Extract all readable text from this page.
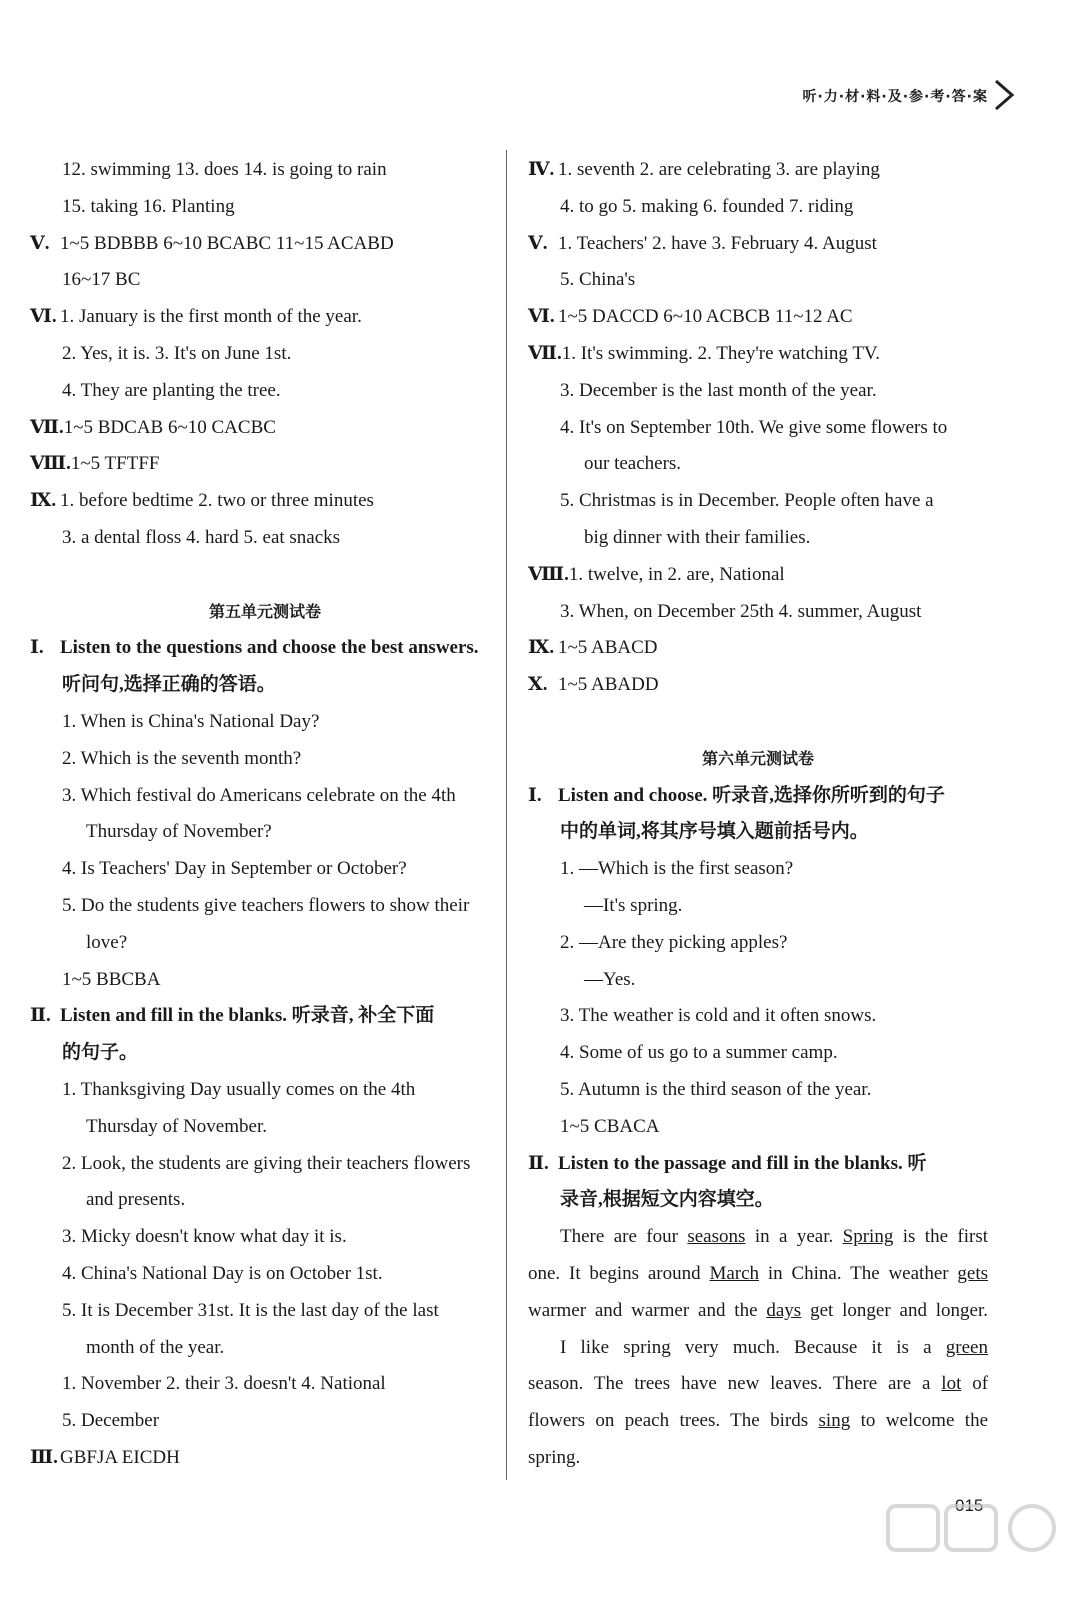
听·力·材·料·及·参·考·答·案
12. swimming 13. does 14. is going to rain
15. taking 16. Planting
Ⅴ. 1~5 BDBBB 6~10 BCABC 11~15 ACABD
16~17 BC
Ⅵ. 1. January is the first month of the year.
2. Yes, it is. 3. It's on June 1st.
4. They are planting the tree.
Ⅶ.1~5 BDCAB 6~10 CACBC
Ⅷ.1~5 TFTFF
Ⅸ. 1. before bedtime 2. two or three minutes
3. a dental floss 4. hard 5. eat snacks
第五单元测试卷
Ⅰ. Listen to the questions and choose the best answers.
听问句,选择正确的答语。
1. When is China's National Day?
2. Which is the seventh month?
3. Which festival do Americans celebrate on the 4th
Thursday of November?
4. Is Teachers' Day in September or October?
5. Do the students give teachers flowers to show their
love?
1~5 BBCBA
Ⅱ. Listen and fill in the blanks. 听录音, 补全下面
的句子。
1. Thanksgiving Day usually comes on the 4th
Thursday of November.
2. Look, the students are giving their teachers flowers
and presents.
3. Micky doesn't know what day it is.
4. China's National Day is on October 1st.
5. It is December 31st. It is the last day of the last
month of the year.
1. November 2. their 3. doesn't 4. National
5. December
Ⅲ. GBFJA EICDH
Ⅳ. 1. seventh 2. are celebrating 3. are playing
4. to go 5. making 6. founded 7. riding
Ⅴ. 1. Teachers' 2. have 3. February 4. August
5. China's
Ⅵ. 1~5 DACCD 6~10 ACBCB 11~12 AC
Ⅶ.1. It's swimming. 2. They're watching TV.
3. December is the last month of the year.
4. It's on September 10th. We give some flowers to
our teachers.
5. Christmas is in December. People often have a
big dinner with their families.
Ⅷ.1. twelve, in 2. are, National
3. When, on December 25th 4. summer, August
Ⅸ. 1~5 ABACD
Ⅹ. 1~5 ABADD
第六单元测试卷
Ⅰ. Listen and choose. 听录音,选择你所听到的句子
中的单词,将其序号填入题前括号内。
1. —Which is the first season?
—It's spring.
2. —Are they picking apples?
—Yes.
3. The weather is cold and it often snows.
4. Some of us go to a summer camp.
5. Autumn is the third season of the year.
1~5 CBACA
Ⅱ. Listen to the passage and fill in the blanks. 听
录音,根据短文内容填空。
There are four seasons in a year. Spring is the first
one. It begins around March in China. The weather gets
warmer and warmer and the days get longer and longer.
I like spring very much. Because it is a green
season. The trees have new leaves. There are a lot of
flowers on peach trees. The birds sing to welcome the
spring.
015
